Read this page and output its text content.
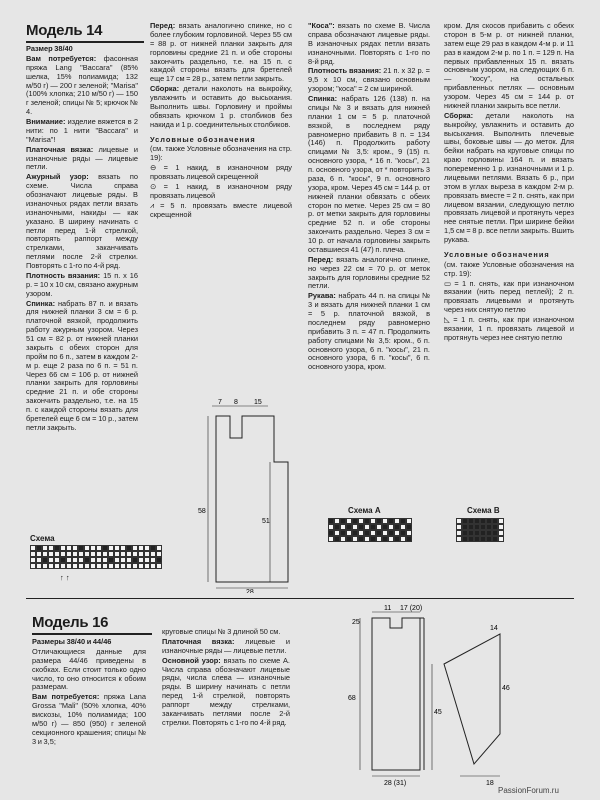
Модель 14

Размер 38/40

Вам потребуется: фасонная пряжа Lang "Baccara" (85% шелка, 15% полиамида; 132 м/50 г) — 200 г зеленой; "Marisa" (100% хлопка; 210 м/50 г) — 150 г зеленой; спицы № 5; крючок № 4.

Внимание: изделие вяжется в 2 нити: по 1 нити "Baccara" и "Marisa"!

Платочная вязка: лицевые и изнаночные ряды — лицевые петли.

Ажурный узор: вязать по схеме. Числа справа обозначают лицевые ряды. В изнаночных рядах петли вязать изнаночными, накиды — как указано. В ширину начинать с петли перед 1-й стрелкой, повторять раппорт между стрелками, заканчивать петлями после 2-й стрелки. Повторять с 1-го по 4-й ряд.

Плотность вязания: 15 п. х 16 р. = 10 х 10 см, связано ажурным узором.

Спинка: набрать 87 п. и вязать для нижней планки 3 см = 6 р. платочной вязкой, продолжить работу ажурным узором. Через 51 см = 82 р. от нижней планки закрыть с обеих сторон для пройм по 6 п., затем в каждом 2-м р. еще 2 раза по 6 п. = 51 п. Через 66 см = 106 р. от нижней планки закрыть для горловины средние 21 п. и обе стороны закончить раздельно, т.е. на 15 п. с каждой стороны вязать для бретелей еще 6 см = 10 р., затем петли закрыть.

Перед: вязать аналогично спинке, но с более глубоким горловиной. Через 55 см = 88 р. от нижней планки закрыть для горловины средние 21 п. и обе стороны закончить раздельно, т.е. на 15 п. с каждой стороны вязать для бретелей еще 17 см = 28 р., затем петли закрыть.

Сборка: детали наколоть на выкройку, увлажнить и оставить до высыхания. Выполнить швы. Горловину и проймы обвязать крючком 1 р. столбиков без накида и 1 р. соединительных столбиков.

Условные обозначения

(см. также Условные обозначения на стр. 19):

⊖ = 1 накид, в изнаночном ряду провязать лицевой скрещенной

⊙ = 1 накид, в изнаночном ряду провязать лицевой

⩘ = 5 п. провязать вместе лицевой скрещенной

7 8 15
58
51
28
Схема
↑ ↑

"Коса": вязать по схеме В. Числа справа обозначают лицевые ряды. В изнаночных рядах петли вязать изнаночными. Повторять с 1-го по 8-й ряд.

Плотность вязания: 21 п. х 32 р. = 9,5 х 10 см, связано основным узором; "коса" = 2 см шириной.

Спинка: набрать 126 (138) п. на спицы № 3 и вязать для нижней планки 1 см = 5 р. платочной вязкой, в последнем ряду равномерно прибавить 8 п. = 134 (146) п. Продолжить работу спицами № 3,5: кром., 9 (15) п. основного узора, * 16 п. "косы", 21 п. основного узора, от * повторить 3 раза, 6 п. "косы", 9 п. основного узора, кром. Через 45 см = 144 р. от нижней планки обвязать с обеих сторон по метке. Через 25 см = 80 р. от метки закрыть для горловины средние 52 п. и обе стороны закончить раздельно. Через 3 см = 10 р. от начала горловины закрыть оставшиеся 41 (47) п. плеча.

Перед: вязать аналогично спинке, но через 22 см = 70 р. от меток закрыть для горловины средние 52 петли.

Рукава: набрать 44 п. на спицы № 3 и вязать для нижней планки 1 см = 5 р. платочной вязкой, в последнем ряду равномерно прибавить 3 п. = 47 п. Продолжить работу спицами № 3,5: кром., 6 п. основного узора, 6 п. "косы", 21 п. основного узора, 6 п. "косы", 6 п. основного узора, кром.

кром. Для скосов прибавить с обеих сторон в 5-м р. от нижней планки, затем еще 29 раз в каждом 4-м р. и 11 раз в каждом 2-м р. по 1 п. = 129 п. На первых прибавленных 15 п. вязать основным узором, на следующих 6 п. — "косу", на остальных прибавленных петлях — основным узором. Через 45 см = 144 р. от нижней планки закрыть все петли.

Сборка: детали наколоть на выкройку, увлажнить и оставить до высыхания. Выполнить плечевые швы, боковые швы — до меток. Для бейки набрать на круговые спицы по краю горловины 164 п. и вязать попеременно 1 р. изнаночными и 1 р. лицевыми петлями. Вязать 6 р., при этом в углах выреза в каждом 2-м р. провязать вместе = 2 п. снять, как при лицевом вязании, следующую петлю провязать лицевой и протянуть через нее снятые петли. При ширине бейки 1,5 см = 8 р. все петли закрыть. Вшить рукава.

Условные обозначения

(см. также Условные обозначения на стр. 19):

▭ = 1 п. снять, как при изнаночном вязании (нить перед петлей); 2 п. провязать лицевыми и протянуть через них снятую петлю

◺ = 1 п. снять, как при изнаночном вязании, 1 п. провязать лицевой и протянуть через нее снятую петлю

Схема A	Схема B
Модель 16

Размеры 38/40 и 44/46

Отличающиеся данные для размера 44/46 приведены в скобках. Если стоит только одно число, то оно относится к обоим размерам.

Вам потребуется: пряжа Lana Grossa "Mali" (50% хлопка, 40% вискозы, 10% полиамида; 100 м/50 г) — 850 (950) г зеленой секционного крашения; спицы № 3 и 3,5;

круговые спицы № 3 длиной 50 см.

Платочная вязка: лицевые и изнаночные ряды — лицевые петли.

Основной узор: вязать по схеме А. Числа справа обозначают лицевые ряды, числа слева — изнаночные ряды. В ширину начинать с петли перед 1-й стрелкой, повторять раппорт между стрелками, заканчивать петлями после 2-й стрелки. Повторять с 1-го по 4-й ряд.

11 17 (20)
25
68
45
46
28 (31)	18
14
PassionForum.ru
